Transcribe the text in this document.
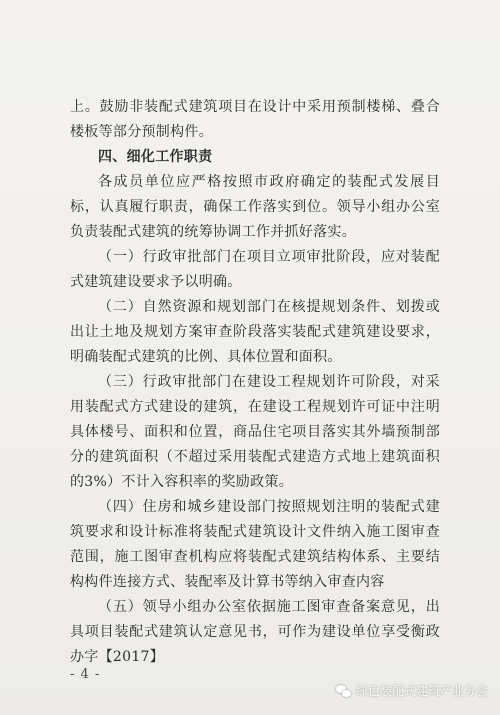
上。鼓励非装配式建筑项目在设计中采用预制楼梯、叠合楼板等部分预制构件。

四、细化工作职责

各成员单位应严格按照市政府确定的装配式发展目标，认真履行职责，确保工作落实到位。领导小组办公室负责装配式建筑的统筹协调工作并抓好落实。

（一）行政审批部门在项目立项审批阶段，应对装配式建筑建设要求予以明确。

（二）自然资源和规划部门在核提规划条件、划拨或出让土地及规划方案审查阶段落实装配式建筑建设要求，明确装配式建筑的比例、具体位置和面积。

（三）行政审批部门在建设工程规划许可阶段，对采用装配式方式建设的建筑，在建设工程规划许可证中注明具体楼号、面积和位置，商品住宅项目落实其外墙预制部分的建筑面积（不超过采用装配式建造方式地上建筑面积的3%）不计入容积率的奖励政策。

（四）住房和城乡建设部门按照规划注明的装配式建筑要求和设计标准将装配式建筑设计文件纳入施工图审查范围，施工图审查机构应将装配式建筑结构体系、主要结构构件连接方式、装配率及计算书等纳入审查内容

（五）领导小组办公室依据施工图审查备案意见，出具项目装配式建筑认定意见书，可作为建设单位享受衡政办字【2017】

- 4 -
绿色装配式建筑产业分会
